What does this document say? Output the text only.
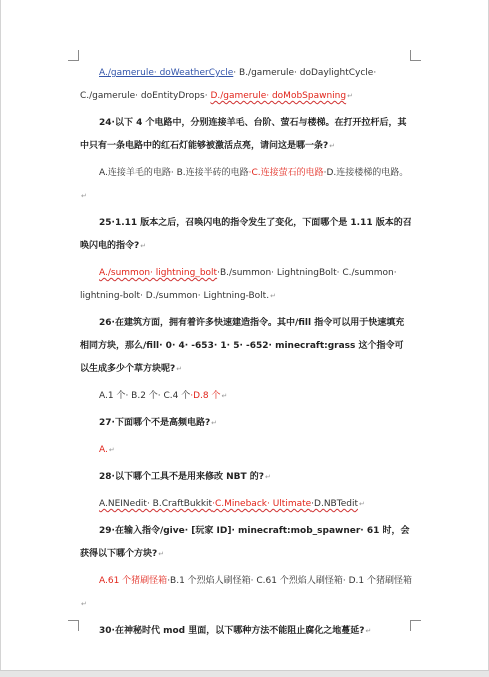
A./gamerule· doWeatherCycle· B./gamerule· doDaylightCycle· C./gamerule· doEntityDrops· D./gamerule· doMobSpawning↵

24·以下 4 个电路中，分别连接羊毛、台阶、萤石与楼梯。在打开拉杆后，其中只有一条电路中的红石灯能够被激活点亮，请问这是哪一条?↵

A.连接羊毛的电路· B.连接半砖的电路·C.连接萤石的电路·D.连接楼梯的电路。↵

25·1.11 版本之后，召唤闪电的指令发生了变化，下面哪个是 1.11 版本的召唤闪电的指令?↵

A./summon· lightning_bolt·B./summon· LightningBolt· C./summon· lightning-bolt· D./summon· Lightning-Bolt.↵

26·在建筑方面，拥有着许多快速建造指令。其中/fill 指令可以用于快速填充相同方块，那么/fill· 0· 4· -653· 1· 5· -652· minecraft:grass 这个指令可以生成多少个草方块呢?↵

A.1 个· B.2 个· C.4 个·D.8 个↵

27·下面哪个不是高频电路?↵

A.↵

28·以下哪个工具不是用来修改 NBT 的?↵

A.NEINedit· B.CraftBukkit·C.Mineback· Ultimate·D.NBTedit↵

29·在输入指令/give· [玩家 ID]· minecraft:mob_spawner· 61 时，会获得以下哪个方块?↵

A.61 个猪刷怪箱·B.1 个烈焰人刷怪箱· C.61 个烈焰人刷怪箱· D.1 个猪刷怪箱↵

30·在神秘时代 mod 里面，以下哪种方法不能阻止腐化之地蔓延?↵
